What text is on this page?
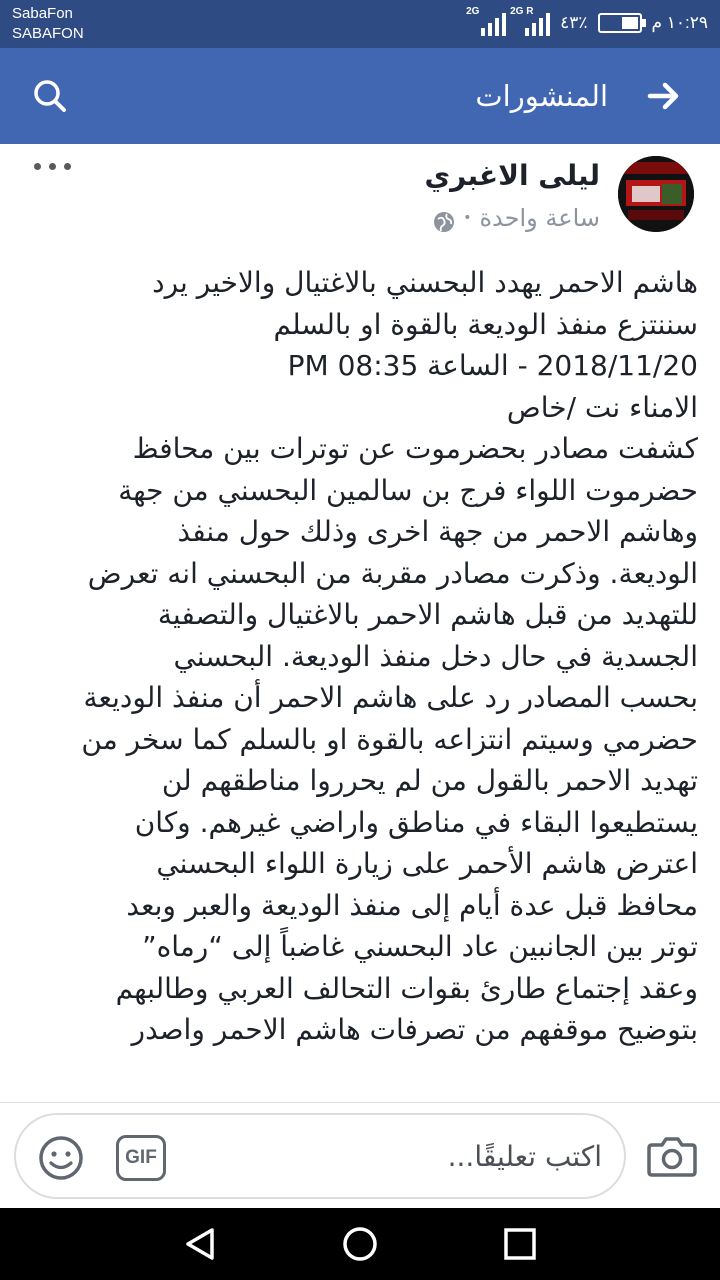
SabaFon
SABAFON
2G	2G R
٤٣٪	١٠:٢٩ م
المنشورات
ليلى الاغبري
ساعة واحدة
•

هاشم الاحمر يهدد البحسني بالاغتيال والاخير يرد

سننتزع منفذ الوديعة بالقوة او بالسلم

2018/11/20 - الساعة 08:35 PM

الامناء نت /خاص

كشفت مصادر بحضرموت عن توترات بين محافظ

حضرموت اللواء فرج بن سالمين البحسني من جهة

وهاشم الاحمر من جهة اخرى وذلك حول منفذ

الوديعة. وذكرت مصادر مقربة من البحسني انه تعرض

للتهديد من قبل هاشم الاحمر بالاغتيال والتصفية

الجسدية في حال دخل منفذ الوديعة. البحسني

بحسب المصادر رد على هاشم الاحمر أن منفذ الوديعة

حضرمي وسيتم انتزاعه بالقوة او بالسلم كما سخر من

تهديد الاحمر بالقول من لم يحرروا مناطقهم لن

يستطيعوا البقاء في مناطق واراضي غيرهم. وكان

اعترض هاشم الأحمر على زيارة اللواء البحسني

محافظ قبل عدة أيام إلى منفذ الوديعة والعبر وبعد

توتر بين الجانبين عاد البحسني غاضباً إلى “رماه”

وعقد إجتماع طارئ بقوات التحالف العربي وطالبهم

بتوضيح موقفهم من تصرفات هاشم الاحمر واصدر

اكتب تعليقًا...
GIF
